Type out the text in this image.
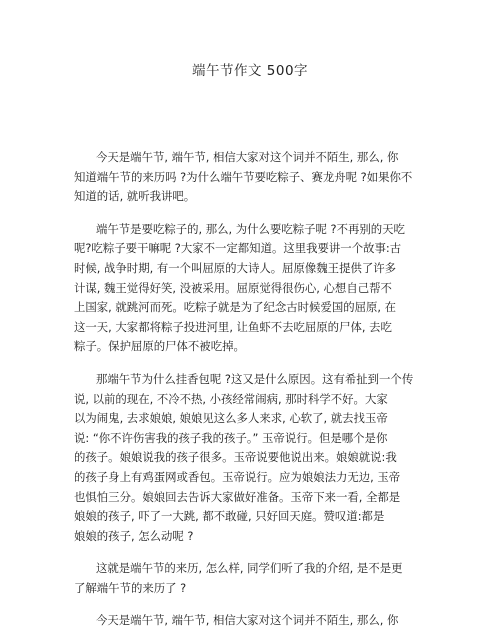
端午节作文 500字

今天是端午节, 端午节, 相信大家对这个词并不陌生, 那么, 你
知道端午节的来历吗 ?为什么端午节要吃粽子、赛龙舟呢 ?如果你不
知道的话, 就听我讲吧。

端午节是要吃粽子的, 那么, 为什么要吃粽子呢 ?不再别的天吃
呢?吃粽子要干嘛呢 ?大家不一定都知道。这里我要讲一个故事:古
时候, 战争时期, 有一个叫屈原的大诗人。屈原像魏王提供了许多
计谋, 魏王觉得好笑, 没被采用。屈原觉得很伤心, 心想自己帮不
上国家, 就跳河而死。吃粽子就是为了纪念古时候爱国的屈原, 在
这一天, 大家都将粽子投进河里, 让鱼虾不去吃屈原的尸体, 去吃
粽子。保护屈原的尸体不被吃掉。

那端午节为什么挂香包呢 ?这又是什么原因。这有希扯到一个传
说, 以前的现在, 不冷不热, 小孩经常闹病, 那时科学不好。大家
以为闹鬼, 去求娘娘, 娘娘见这么多人来求, 心软了, 就去找玉帝
说: “你不许伤害我的孩子我的孩子。” 玉帝说行。但是哪个是你
的孩子。娘娘说我的孩子很多。玉帝说要他说出来。娘娘就说:我
的孩子身上有鸡蛋网或香包。玉帝说行。应为娘娘法力无边, 玉帝
也惧怕三分。娘娘回去告诉大家做好准备。玉帝下来一看, 全都是
娘娘的孩子, 吓了一大跳, 都不敢碰, 只好回天庭。赞叹道:都是
娘娘的孩子, 怎么动呢 ?

这就是端午节的来历, 怎么样, 同学们听了我的介绍, 是不是更
了解端午节的来历了 ?

今天是端午节, 端午节, 相信大家对这个词并不陌生, 那么, 你
